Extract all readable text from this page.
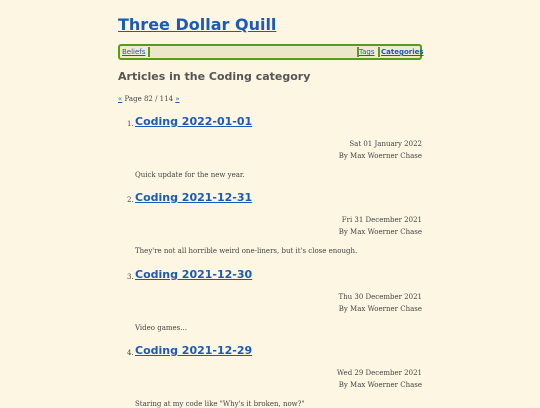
Three Dollar Quill
Beliefs	Tags Categories
Articles in the Coding category
« Page 82 / 114 »
1. Coding 2022-01-01
Sat 01 January 2022
By Max Woerner Chase
Quick update for the new year.
2. Coding 2021-12-31
Fri 31 December 2021
By Max Woerner Chase
They're not all horrible weird one-liners, but it's close enough.
3. Coding 2021-12-30
Thu 30 December 2021
By Max Woerner Chase
Video games...
4. Coding 2021-12-29
Wed 29 December 2021
By Max Woerner Chase
Staring at my code like "Why's it broken, now?"
